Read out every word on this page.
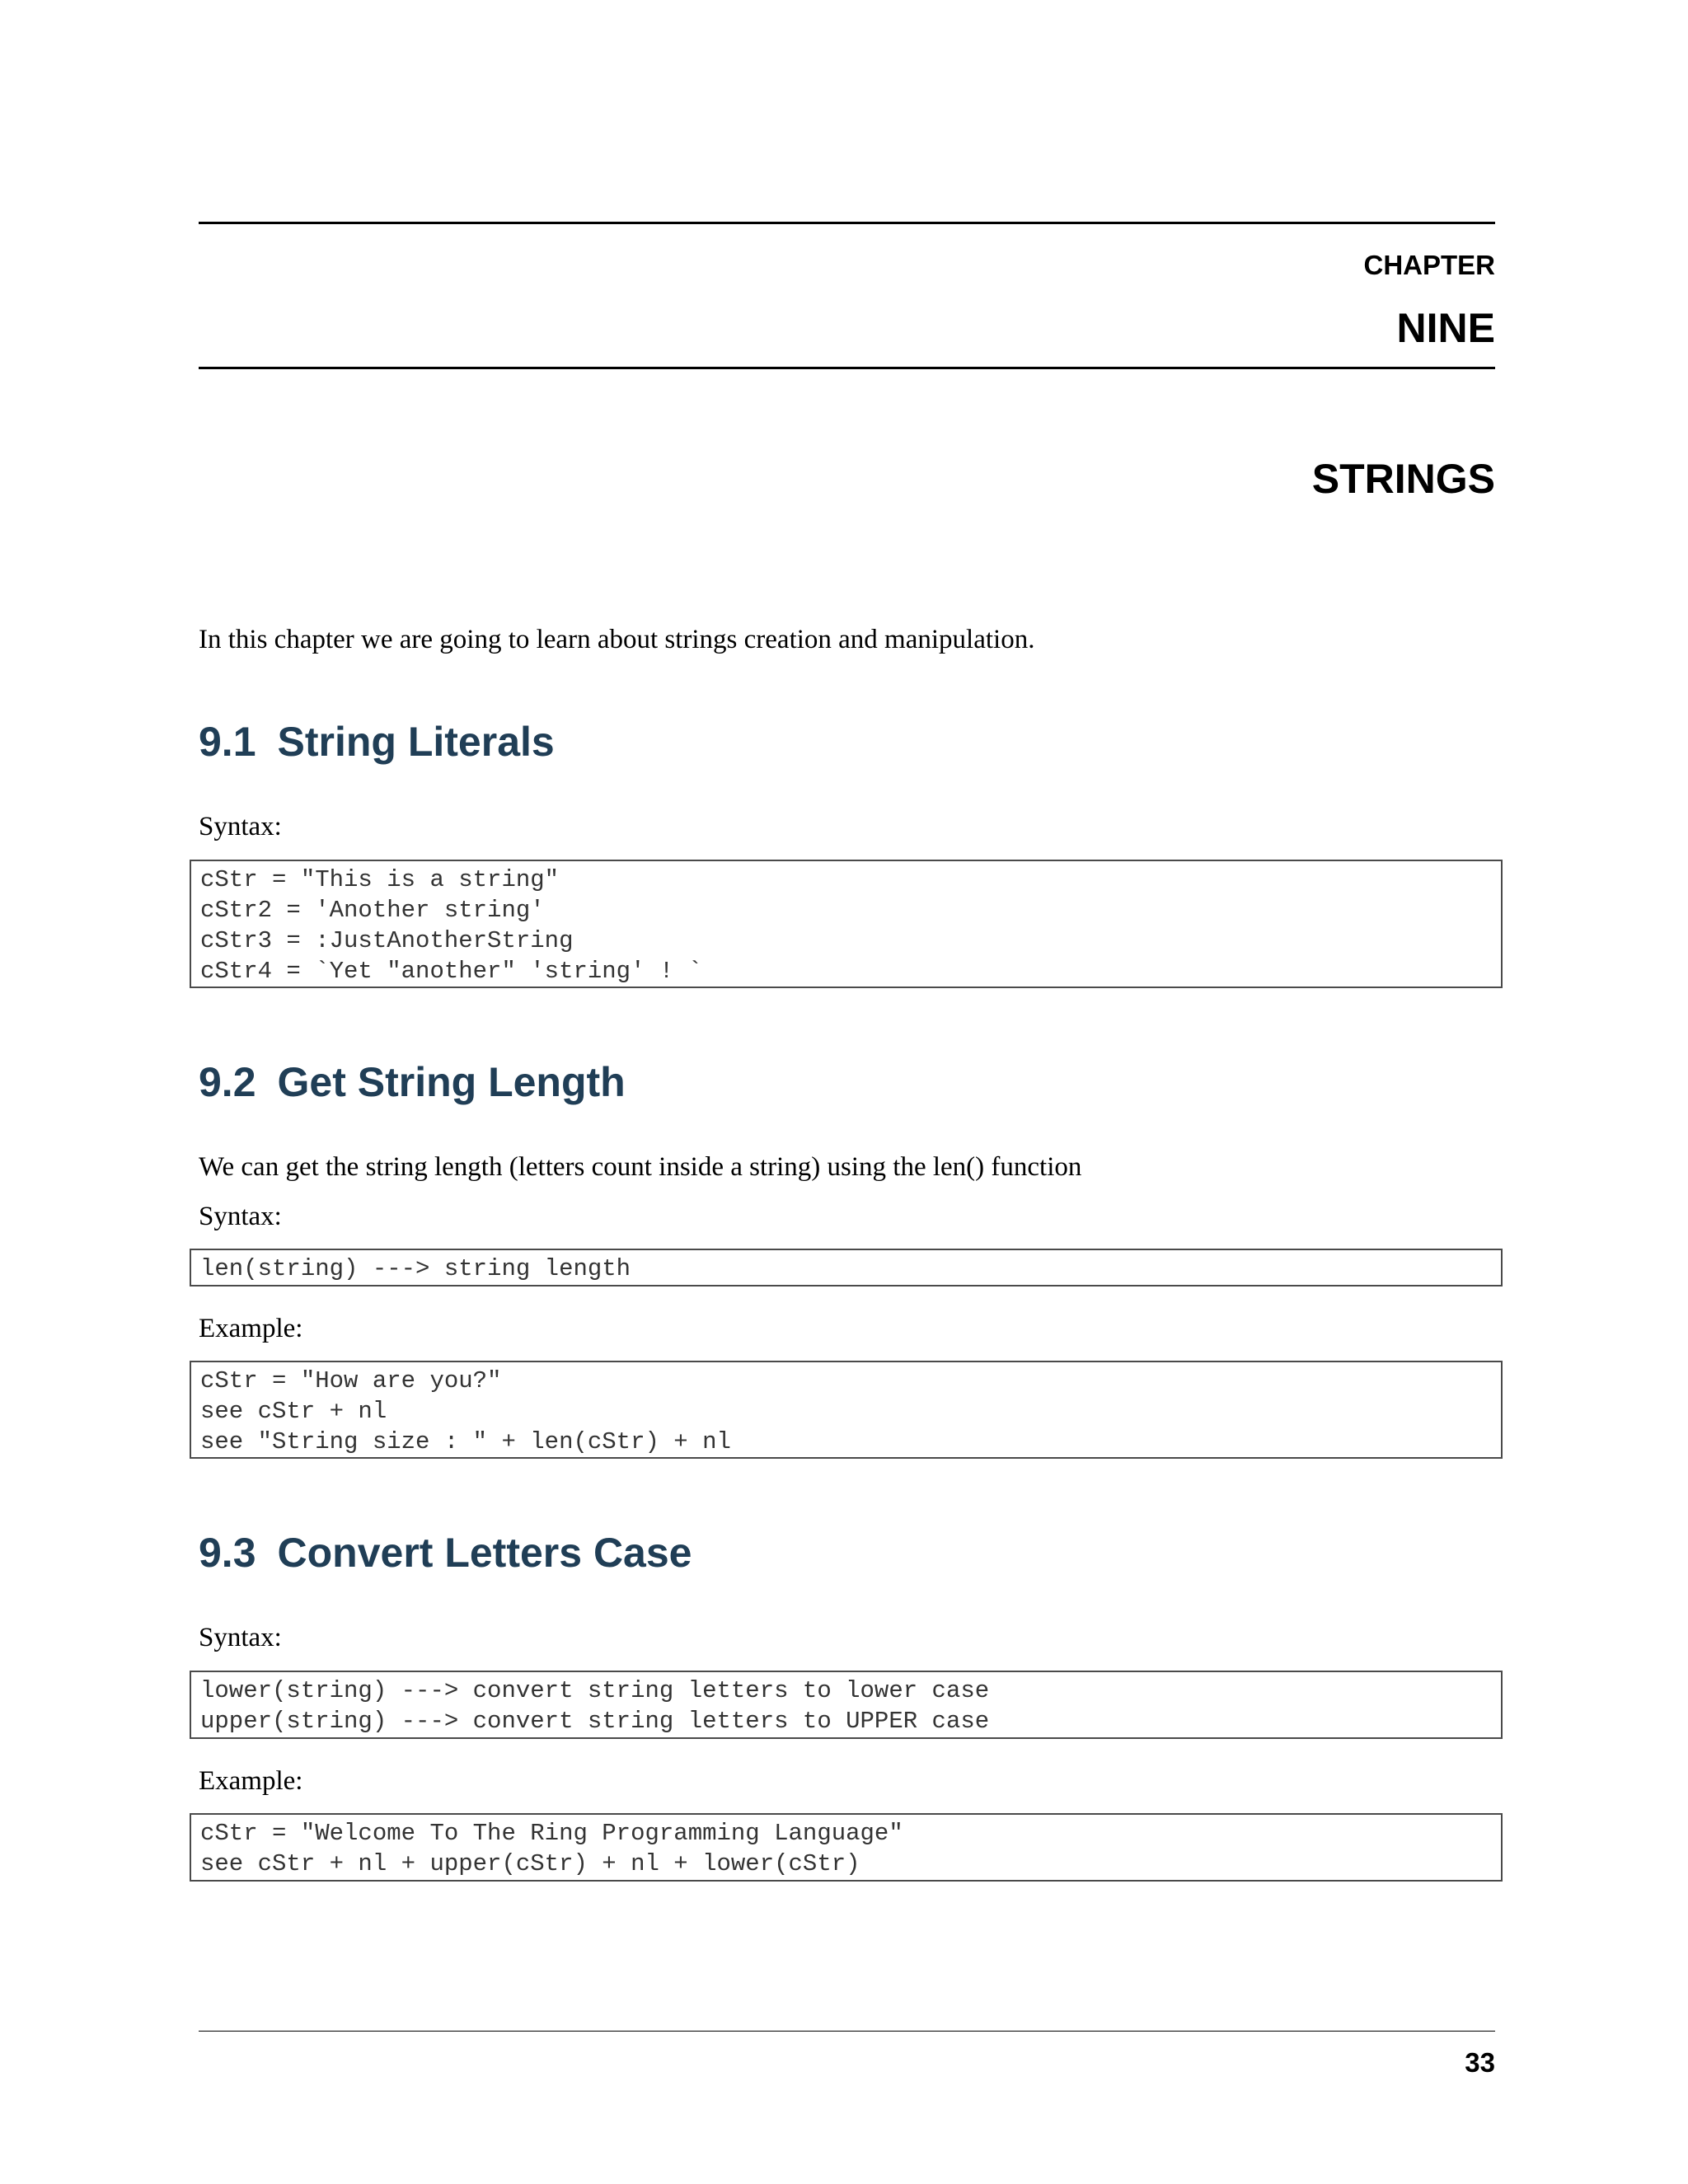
CHAPTER
NINE
STRINGS
In this chapter we are going to learn about strings creation and manipulation.
9.1 String Literals
Syntax:
cStr = "This is a string"
cStr2 = 'Another string'
cStr3 = :JustAnotherString
cStr4 = `Yet "another" 'string' ! `
9.2 Get String Length
We can get the string length (letters count inside a string) using the len() function
Syntax:
len(string) ---> string length
Example:
cStr = "How are you?"
see cStr + nl
see "String size : " + len(cStr) + nl
9.3 Convert Letters Case
Syntax:
lower(string) ---> convert string letters to lower case
upper(string) ---> convert string letters to UPPER case
Example:
cStr = "Welcome To The Ring Programming Language"
see cStr + nl + upper(cStr) + nl + lower(cStr)
33
